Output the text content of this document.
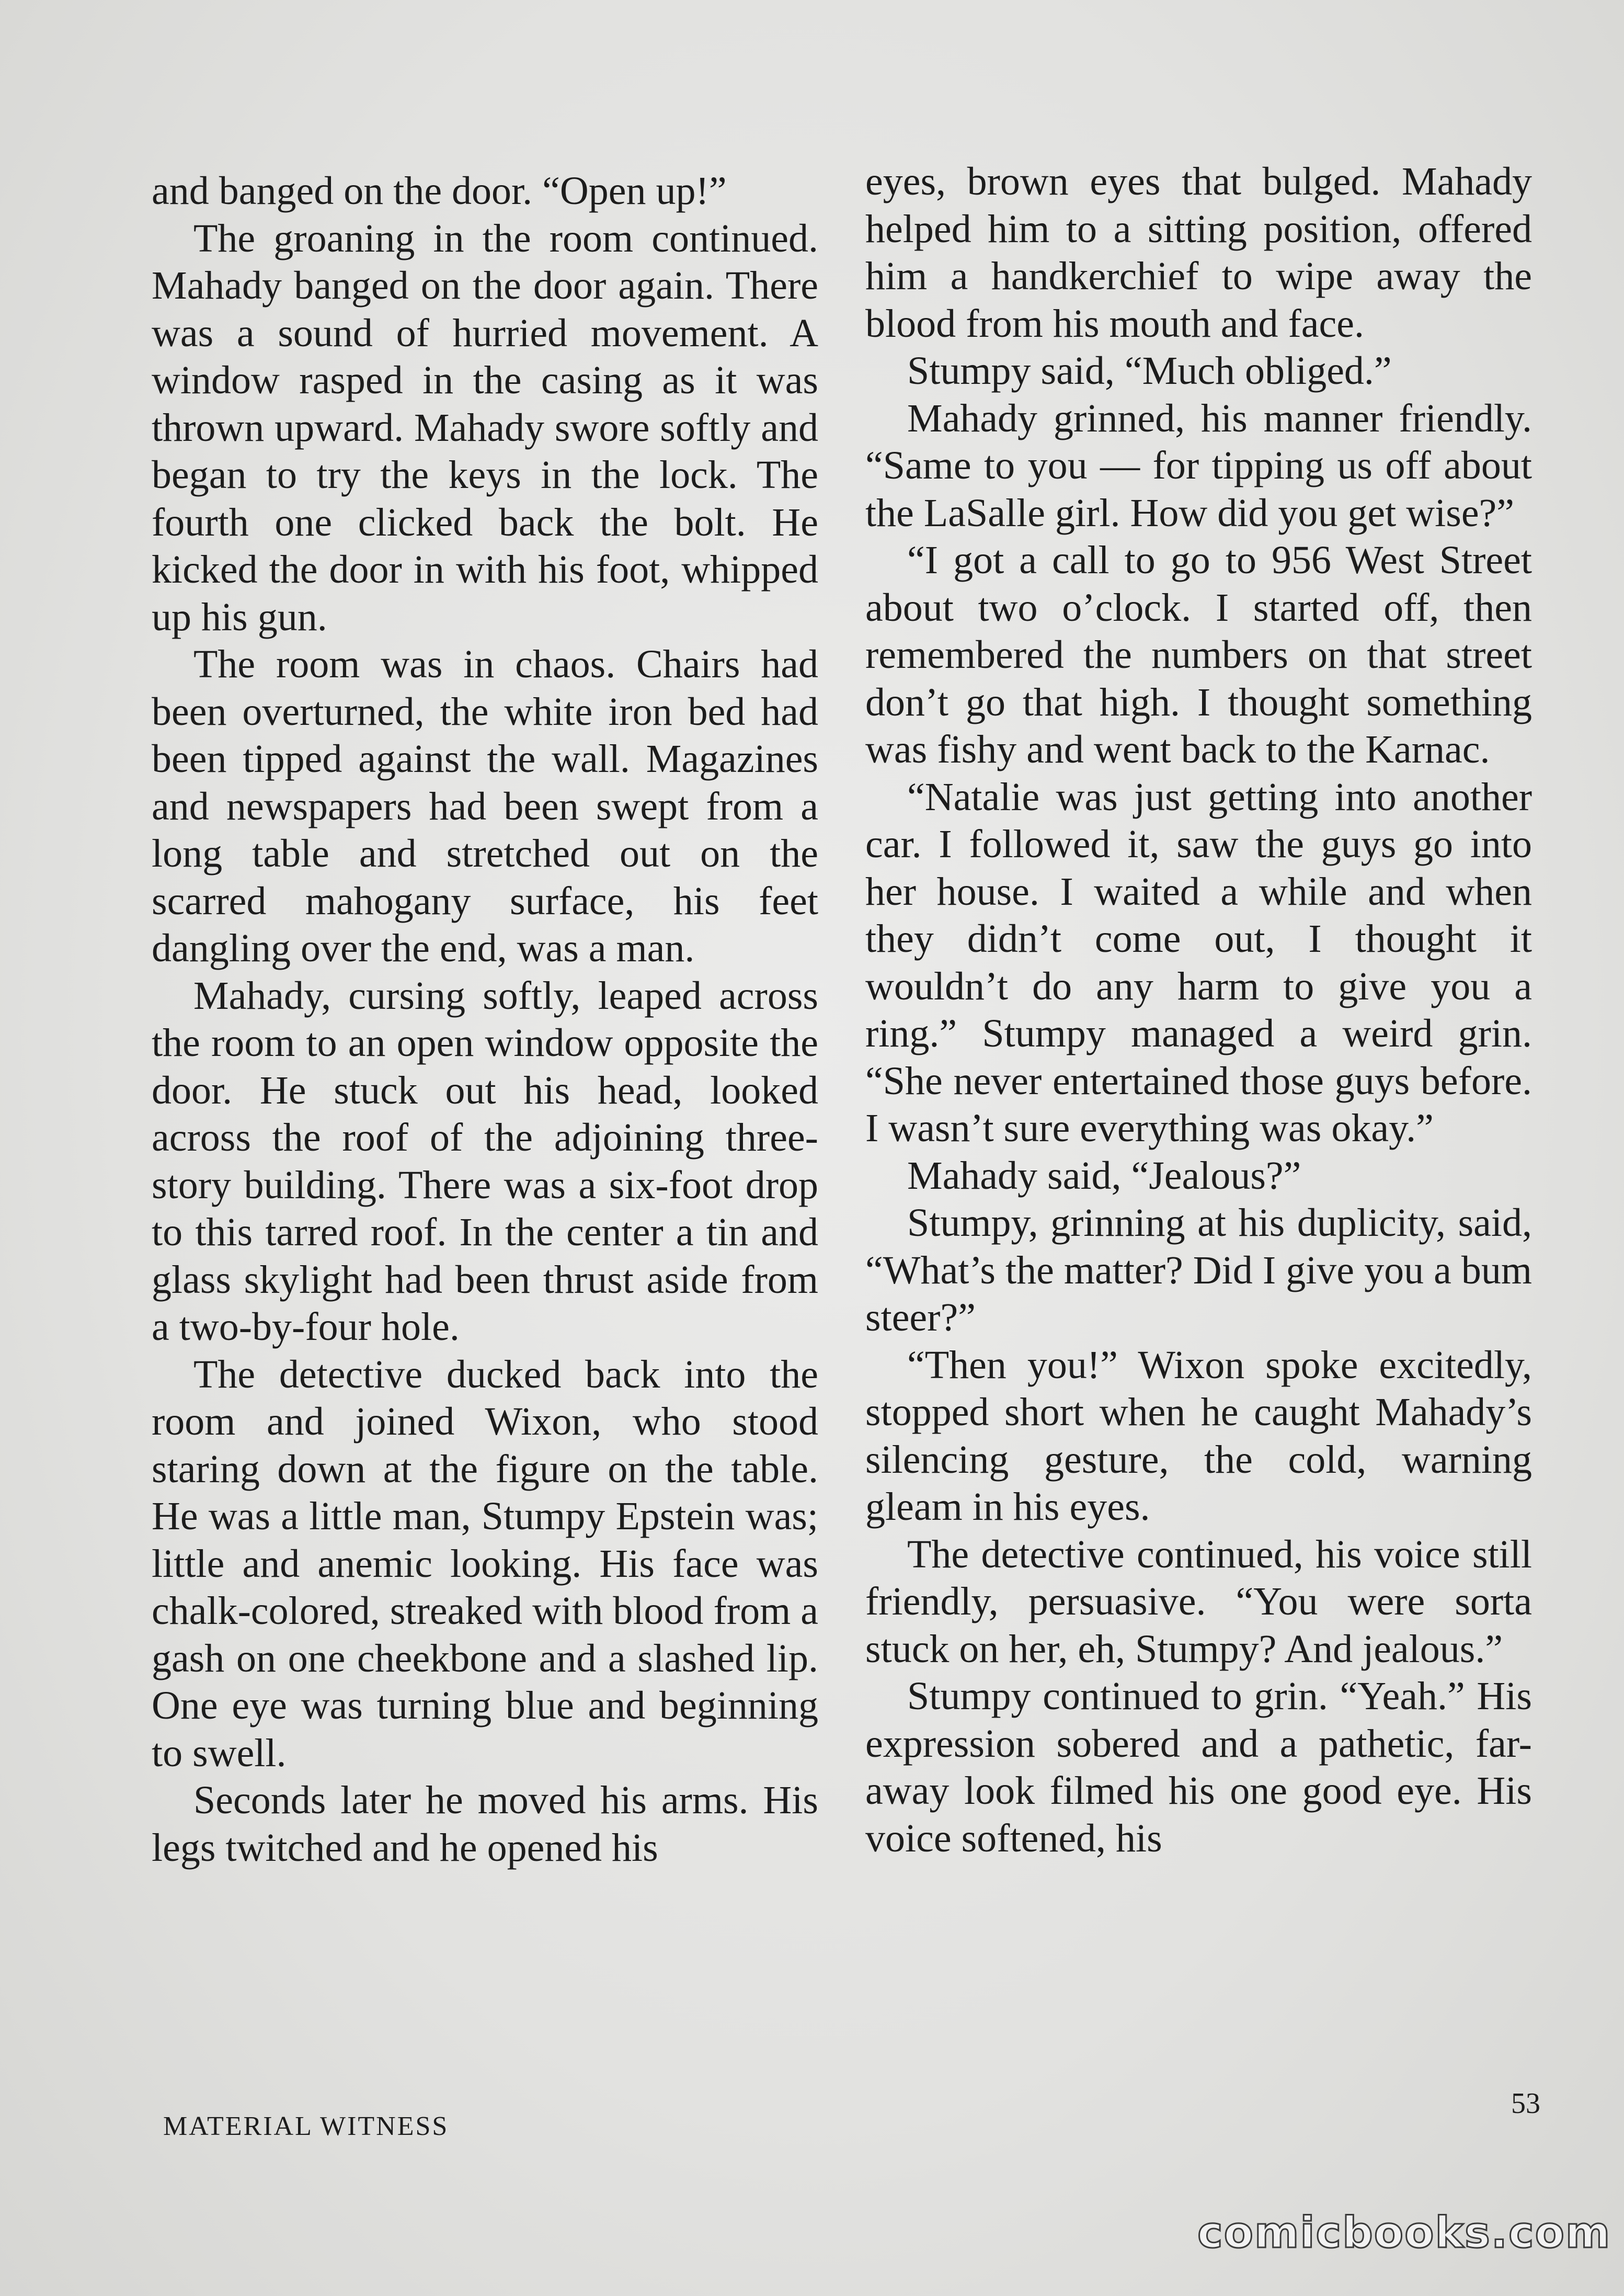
and banged on the door. “Open up!”

The groaning in the room continued. Mahady banged on the door again. There was a sound of hurried movement. A window rasped in the casing as it was thrown upward. Mahady swore softly and began to try the keys in the lock. The fourth one clicked back the bolt. He kicked the door in with his foot, whipped up his gun.

The room was in chaos. Chairs had been overturned, the white iron bed had been tipped against the wall. Magazines and newspapers had been swept from a long table and stretched out on the scarred mahogany surface, his feet dangling over the end, was a man.

Mahady, cursing softly, leaped across the room to an open window opposite the door. He stuck out his head, looked across the roof of the adjoining three-story building. There was a six-foot drop to this tarred roof. In the center a tin and glass skylight had been thrust aside from a two-by-four hole.

The detective ducked back into the room and joined Wixon, who stood staring down at the figure on the table. He was a little man, Stumpy Epstein was; little and anemic looking. His face was chalk-colored, streaked with blood from a gash on one cheekbone and a slashed lip. One eye was turning blue and beginning to swell.

Seconds later he moved his arms. His legs twitched and he opened his

eyes, brown eyes that bulged. Mahady helped him to a sitting position, offered him a handkerchief to wipe away the blood from his mouth and face.

Stumpy said, “Much obliged.”

Mahady grinned, his manner friendly. “Same to you — for tipping us off about the LaSalle girl. How did you get wise?”

“I got a call to go to 956 West Street about two o’clock. I started off, then remembered the numbers on that street don’t go that high. I thought something was fishy and went back to the Karnac.

“Natalie was just getting into another car. I followed it, saw the guys go into her house. I waited a while and when they didn’t come out, I thought it wouldn’t do any harm to give you a ring.” Stumpy managed a weird grin. “She never entertained those guys before. I wasn’t sure everything was okay.”

Mahady said, “Jealous?”

Stumpy, grinning at his duplicity, said, “What’s the matter? Did I give you a bum steer?”

“Then you!” Wixon spoke excitedly, stopped short when he caught Mahady’s silencing gesture, the cold, warning gleam in his eyes.

The detective continued, his voice still friendly, persuasive. “You were sorta stuck on her, eh, Stumpy? And jealous.”

Stumpy continued to grin. “Yeah.” His expression sobered and a pathetic, far-away look filmed his one good eye. His voice softened, his

MATERIAL WITNESS
53
comicbooks.com
